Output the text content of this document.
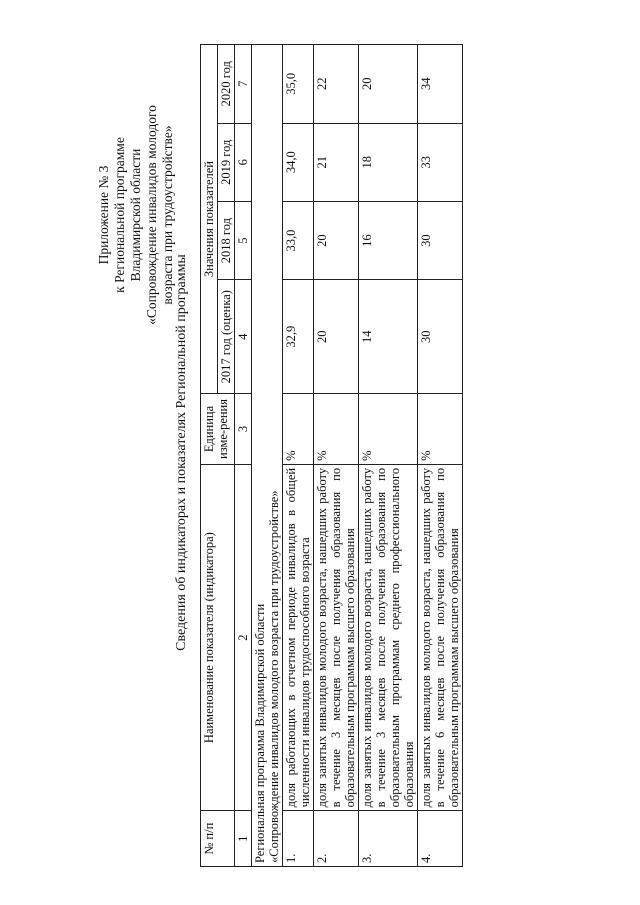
Приложение № 3 к Региональной программе Владимирской области «Сопровождение инвалидов молодого возраста при трудоустройстве»
Сведения об индикаторах и показателях Региональной программы
№ п/п	Наименование показателя (индикатора)	Единица изме-рения	Значения показателей			
			2017 год (оценка)	2018 год	2019 год	2020 год
1	2	3	4	5	6	7

Региональная программа Владимирской области «Сопровождение инвалидов молодого возраста при трудоустройстве»						

1.	доля работающих в отчетном периоде инвалидов в общей численности инвалидов трудоспособного возраста	%	32,9	33,0	34,0	35,0
2.	доля занятых инвалидов молодого возраста, нашедших работу в течение 3 месяцев после получения образования по образовательным программам высшего образования	%	20	20	21	22
3.	доля занятых инвалидов молодого возраста, нашедших работу в течение 3 месяцев после получения образования по образовательным программам среднего профессионального образования	%	14	16	18	20
4.	доля занятых инвалидов молодого возраста, нашедших работу в течение 6 месяцев после получения образования по образовательным программам высшего образования	%	30	30	33	34
